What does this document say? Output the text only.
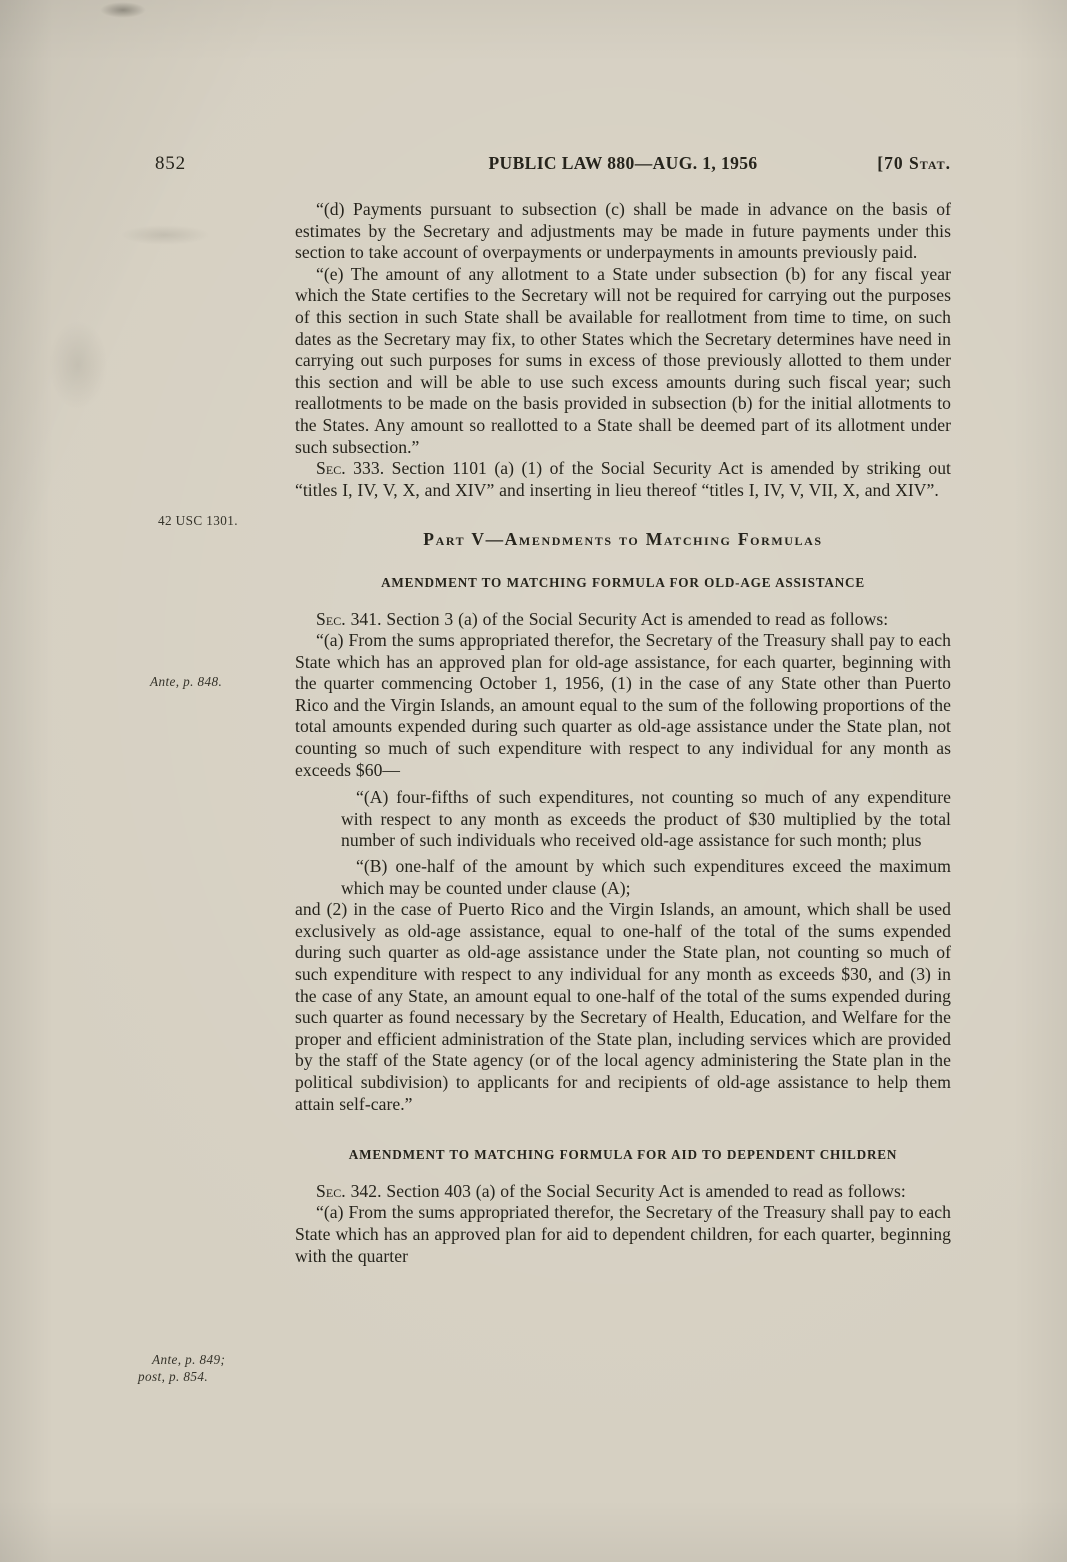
852	PUBLIC LAW 880—AUG. 1, 1956	[70 Stat.
42 USC 1301.
Ante, p. 848.
Ante, p. 849;
post, p. 854.

“(d) Payments pursuant to subsection (c) shall be made in advance on the basis of estimates by the Secretary and adjustments may be made in future payments under this section to take account of overpayments or underpayments in amounts previously paid.

“(e) The amount of any allotment to a State under subsection (b) for any fiscal year which the State certifies to the Secretary will not be required for carrying out the purposes of this section in such State shall be available for reallotment from time to time, on such dates as the Secretary may fix, to other States which the Secretary determines have need in carrying out such purposes for sums in excess of those previously allotted to them under this section and will be able to use such excess amounts during such fiscal year; such reallotments to be made on the basis provided in subsection (b) for the initial allotments to the States. Any amount so reallotted to a State shall be deemed part of its allotment under such subsection.”

Sec. 333. Section 1101 (a) (1) of the Social Security Act is amended by striking out “titles I, IV, V, X, and XIV” and inserting in lieu thereof “titles I, IV, V, VII, X, and XIV”.

Part V—Amendments to Matching Formulas
AMENDMENT TO MATCHING FORMULA FOR OLD-AGE ASSISTANCE

Sec. 341. Section 3 (a) of the Social Security Act is amended to read as follows:

“(a) From the sums appropriated therefor, the Secretary of the Treasury shall pay to each State which has an approved plan for old-age assistance, for each quarter, beginning with the quarter commencing October 1, 1956, (1) in the case of any State other than Puerto Rico and the Virgin Islands, an amount equal to the sum of the following proportions of the total amounts expended during such quarter as old-age assistance under the State plan, not counting so much of such expenditure with respect to any individual for any month as exceeds $60—

“(A) four-fifths of such expenditures, not counting so much of any expenditure with respect to any month as exceeds the product of $30 multiplied by the total number of such individuals who received old-age assistance for such month; plus

“(B) one-half of the amount by which such expenditures exceed the maximum which may be counted under clause (A);

and (2) in the case of Puerto Rico and the Virgin Islands, an amount, which shall be used exclusively as old-age assistance, equal to one-half of the total of the sums expended during such quarter as old-age assistance under the State plan, not counting so much of such expenditure with respect to any individual for any month as exceeds $30, and (3) in the case of any State, an amount equal to one-half of the total of the sums expended during such quarter as found necessary by the Secretary of Health, Education, and Welfare for the proper and efficient administration of the State plan, including services which are provided by the staff of the State agency (or of the local agency administering the State plan in the political subdivision) to applicants for and recipients of old-age assistance to help them attain self-care.”

AMENDMENT TO MATCHING FORMULA FOR AID TO DEPENDENT CHILDREN

Sec. 342. Section 403 (a) of the Social Security Act is amended to read as follows:

“(a) From the sums appropriated therefor, the Secretary of the Treasury shall pay to each State which has an approved plan for aid to dependent children, for each quarter, beginning with the quarter
